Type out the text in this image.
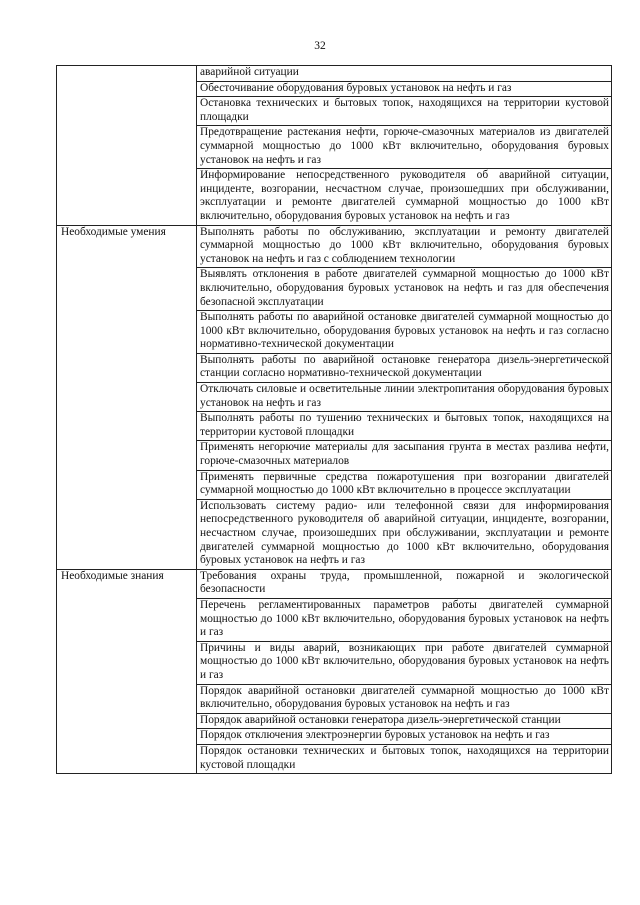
32
	аварийной ситуации
	Обесточивание оборудования буровых установок на нефть и газ
	Остановка технических и бытовых топок, находящихся на территории кустовой площадки
	Предотвращение растекания нефти, горюче-смазочных материалов из двигателей суммарной мощностью до 1000 кВт включительно, оборудования буровых установок на нефть и газ
	Информирование непосредственного руководителя об аварийной ситуации, инциденте, возгорании, несчастном случае, произошедших при обслуживании, эксплуатации и ремонте двигателей суммарной мощностью до 1000 кВт включительно, оборудования буровых установок на нефть и газ
Необходимые умения	Выполнять работы по обслуживанию, эксплуатации и ремонту двигателей суммарной мощностью до 1000 кВт включительно, оборудования буровых установок на нефть и газ с соблюдением технологии
	Выявлять отклонения в работе двигателей суммарной мощностью до 1000 кВт включительно, оборудования буровых установок на нефть и газ для обеспечения безопасной эксплуатации
	Выполнять работы по аварийной остановке двигателей суммарной мощностью до 1000 кВт включительно, оборудования буровых установок на нефть и газ согласно нормативно-технической документации
	Выполнять работы по аварийной остановке генератора дизель-энергетической станции согласно нормативно-технической документации
	Отключать силовые и осветительные линии электропитания оборудования буровых установок на нефть и газ
	Выполнять работы по тушению технических и бытовых топок, находящихся на территории кустовой площадки
	Применять негорючие материалы для засыпания грунта в местах разлива нефти, горюче-смазочных материалов
	Применять первичные средства пожаротушения при возгорании двигателей суммарной мощностью до 1000 кВт включительно в процессе эксплуатации
	Использовать систему радио- или телефонной связи для информирования непосредственного руководителя об аварийной ситуации, инциденте, возгорании, несчастном случае, произошедших при обслуживании, эксплуатации и ремонте двигателей суммарной мощностью до 1000 кВт включительно, оборудования буровых установок на нефть и газ
Необходимые знания	Требования охраны труда, промышленной, пожарной и экологической безопасности
	Перечень регламентированных параметров работы двигателей суммарной мощностью до 1000 кВт включительно, оборудования буровых установок на нефть и газ
	Причины и виды аварий, возникающих при работе двигателей суммарной мощностью до 1000 кВт включительно, оборудования буровых установок на нефть и газ
	Порядок аварийной остановки двигателей суммарной мощностью до 1000 кВт включительно, оборудования буровых установок на нефть и газ
	Порядок аварийной остановки генератора дизель-энергетической станции
	Порядок отключения электроэнергии буровых установок на нефть и газ
	Порядок остановки технических и бытовых топок, находящихся на территории кустовой площадки
